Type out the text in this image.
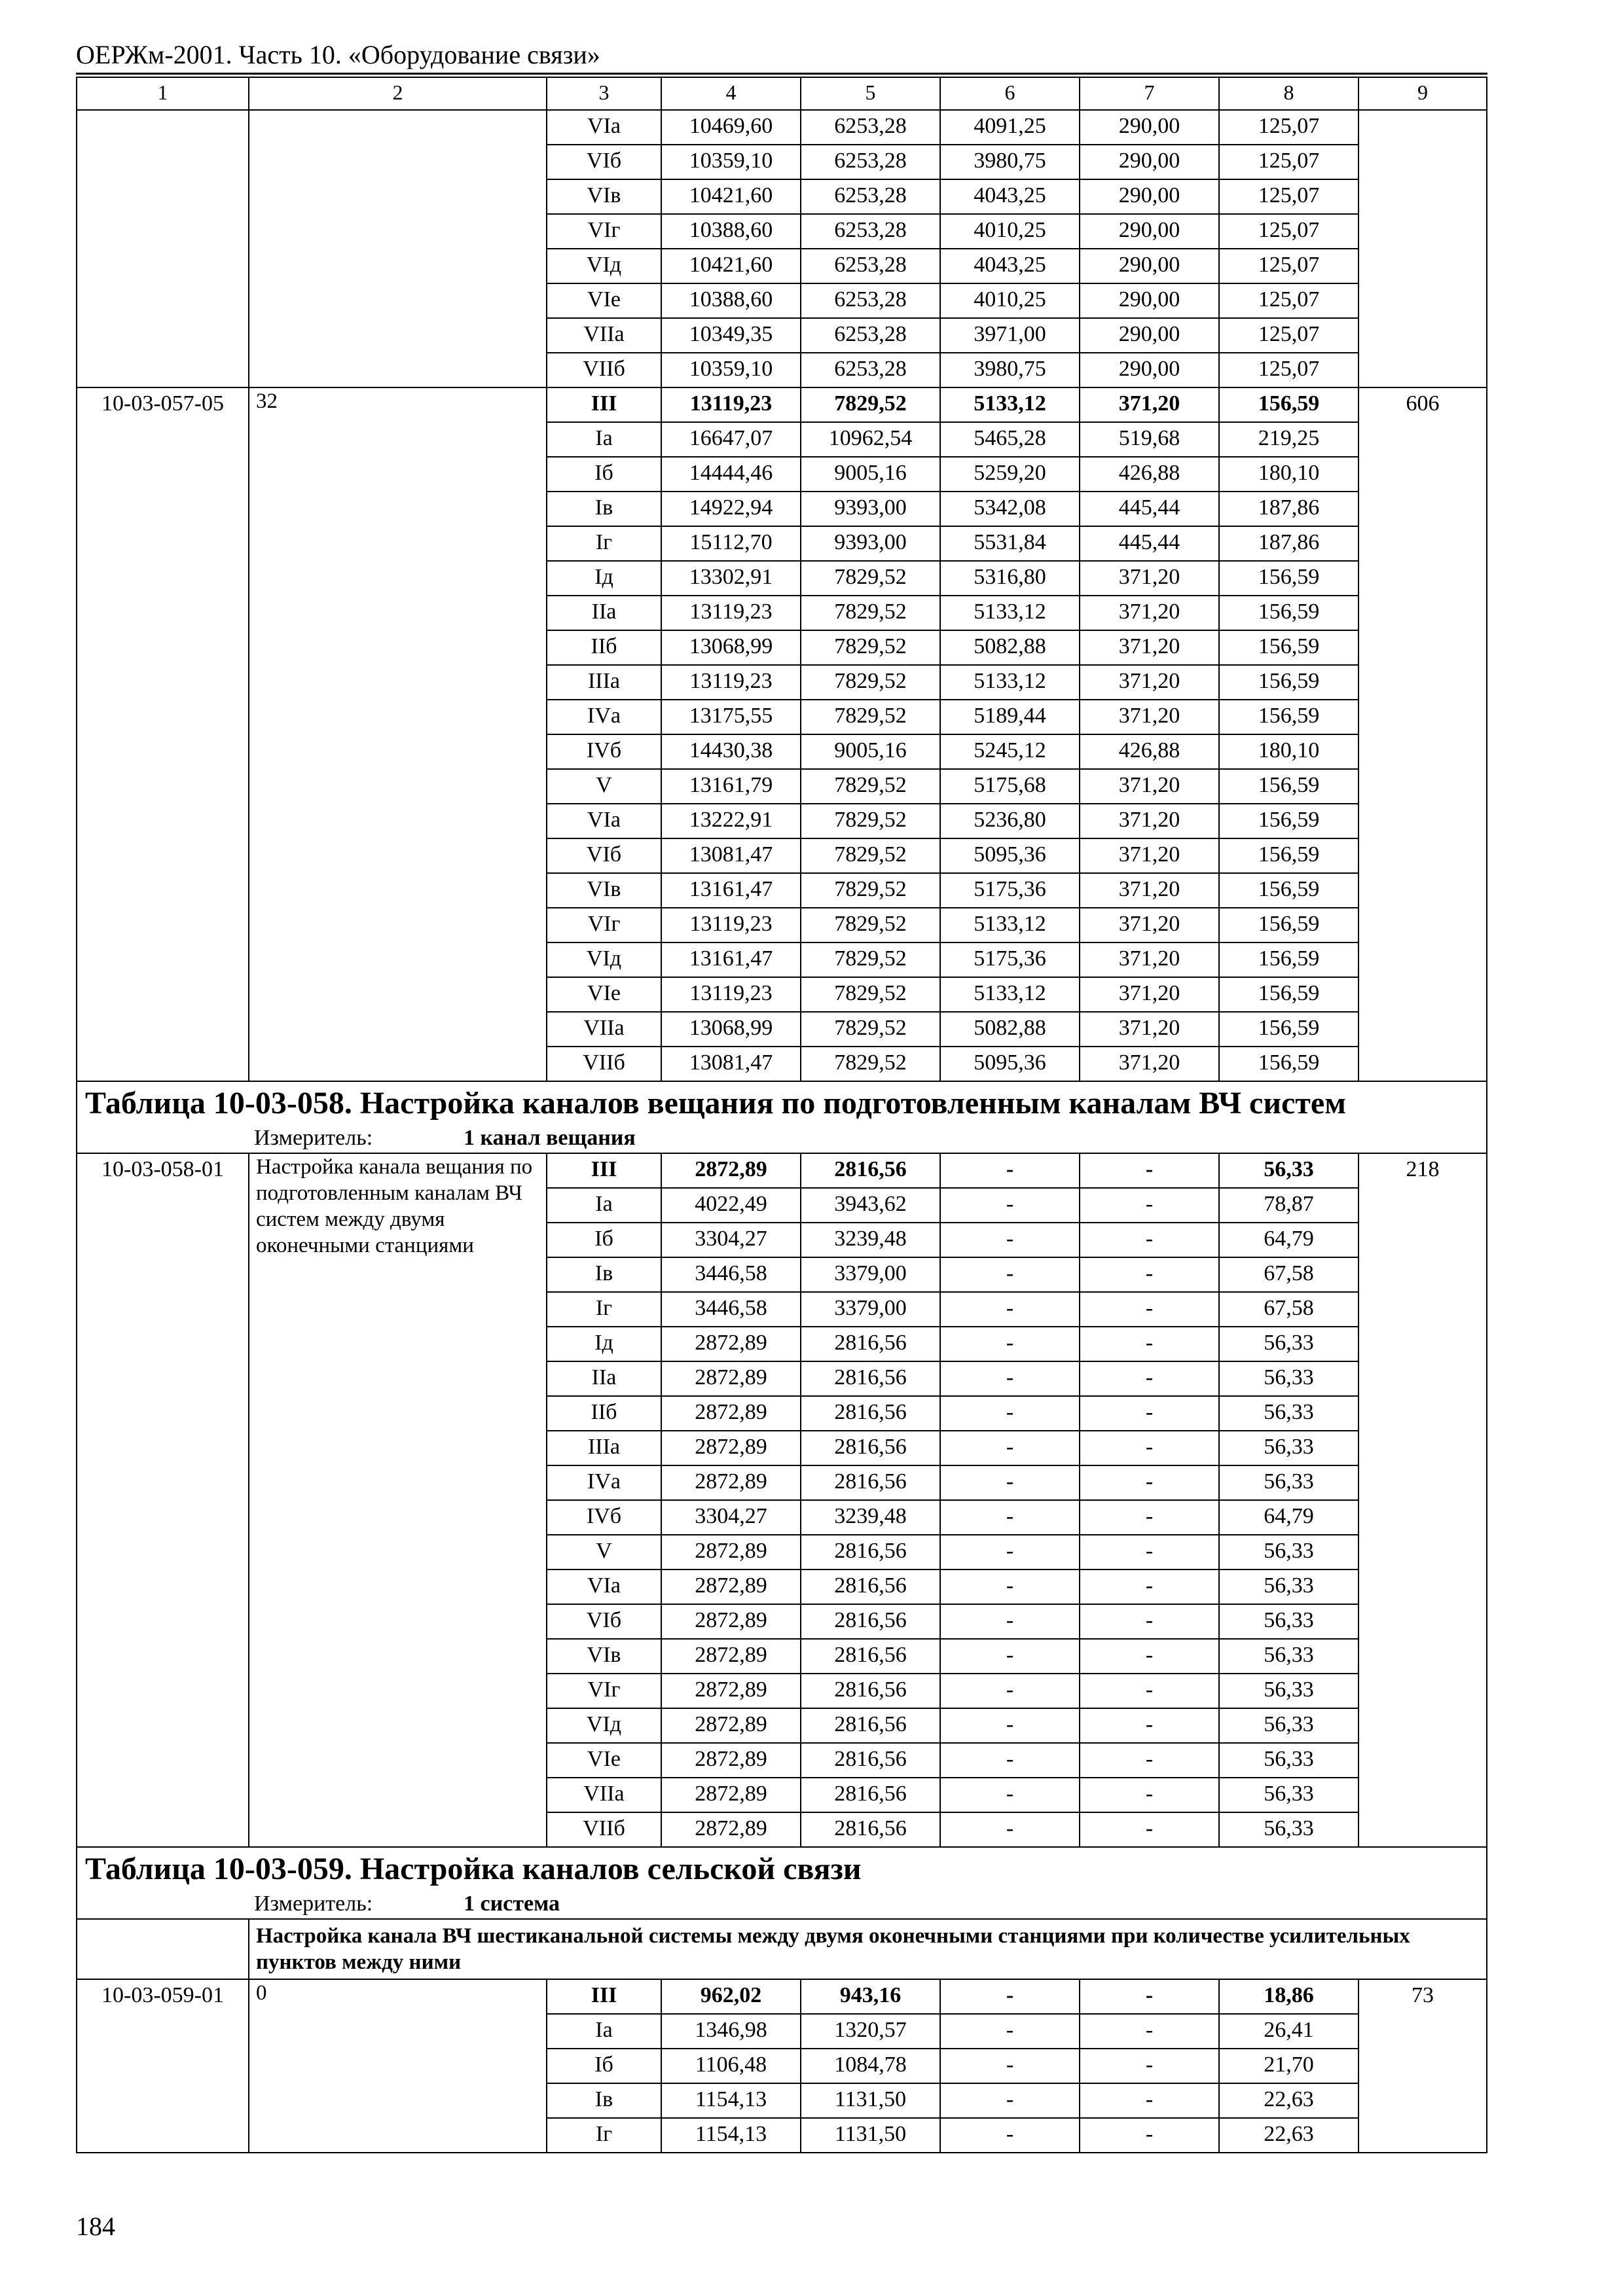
ОЕРЖм-2001. Часть 10. «Оборудование связи»
1	2	3	4	5	6	7	8	9
		VIа	10469,60	6253,28	4091,25	290,00	125,07	
		VIб	10359,10	6253,28	3980,75	290,00	125,07	
		VIв	10421,60	6253,28	4043,25	290,00	125,07	
		VIг	10388,60	6253,28	4010,25	290,00	125,07	
		VIд	10421,60	6253,28	4043,25	290,00	125,07	
		VIе	10388,60	6253,28	4010,25	290,00	125,07	
		VIIа	10349,35	6253,28	3971,00	290,00	125,07	
		VIIб	10359,10	6253,28	3980,75	290,00	125,07	
10-03-057-05	32	III	13119,23	7829,52	5133,12	371,20	156,59	606
		Iа	16647,07	10962,54	5465,28	519,68	219,25	
		Iб	14444,46	9005,16	5259,20	426,88	180,10	
		Iв	14922,94	9393,00	5342,08	445,44	187,86	
		Iг	15112,70	9393,00	5531,84	445,44	187,86	
		Iд	13302,91	7829,52	5316,80	371,20	156,59	
		IIа	13119,23	7829,52	5133,12	371,20	156,59	
		IIб	13068,99	7829,52	5082,88	371,20	156,59	
		IIIа	13119,23	7829,52	5133,12	371,20	156,59	
		IVа	13175,55	7829,52	5189,44	371,20	156,59	
		IVб	14430,38	9005,16	5245,12	426,88	180,10	
		V	13161,79	7829,52	5175,68	371,20	156,59	
		VIа	13222,91	7829,52	5236,80	371,20	156,59	
		VIб	13081,47	7829,52	5095,36	371,20	156,59	
		VIв	13161,47	7829,52	5175,36	371,20	156,59	
		VIг	13119,23	7829,52	5133,12	371,20	156,59	
		VIд	13161,47	7829,52	5175,36	371,20	156,59	
		VIе	13119,23	7829,52	5133,12	371,20	156,59	
		VIIа	13068,99	7829,52	5082,88	371,20	156,59	
		VIIб	13081,47	7829,52	5095,36	371,20	156,59	
Таблица 10-03-058. Настройка каналов вещания по подготовленным каналам ВЧ систем								
Измеритель: 1 канал вещания								
10-03-058-01	Настройка канала вещания по подготовленным каналам ВЧ систем между двумя оконечными станциями	III	2872,89	2816,56	-	-	56,33	218
		Iа	4022,49	3943,62	-	-	78,87	
		Iб	3304,27	3239,48	-	-	64,79	
		Iв	3446,58	3379,00	-	-	67,58	
		Iг	3446,58	3379,00	-	-	67,58	
		Iд	2872,89	2816,56	-	-	56,33	
		IIа	2872,89	2816,56	-	-	56,33	
		IIб	2872,89	2816,56	-	-	56,33	
		IIIа	2872,89	2816,56	-	-	56,33	
		IVа	2872,89	2816,56	-	-	56,33	
		IVб	3304,27	3239,48	-	-	64,79	
		V	2872,89	2816,56	-	-	56,33	
		VIа	2872,89	2816,56	-	-	56,33	
		VIб	2872,89	2816,56	-	-	56,33	
		VIв	2872,89	2816,56	-	-	56,33	
		VIг	2872,89	2816,56	-	-	56,33	
		VIд	2872,89	2816,56	-	-	56,33	
		VIе	2872,89	2816,56	-	-	56,33	
		VIIа	2872,89	2816,56	-	-	56,33	
		VIIб	2872,89	2816,56	-	-	56,33	
Таблица 10-03-059. Настройка каналов сельской связи								
Измеритель: 1 система								
	Настройка канала ВЧ шестиканальной системы между двумя оконечными станциями при количестве усилительных пунктов между ними							
10-03-059-01	0	III	962,02	943,16	-	-	18,86	73
		Iа	1346,98	1320,57	-	-	26,41	
		Iб	1106,48	1084,78	-	-	21,70	
		Iв	1154,13	1131,50	-	-	22,63	
		Iг	1154,13	1131,50	-	-	22,63	
184
